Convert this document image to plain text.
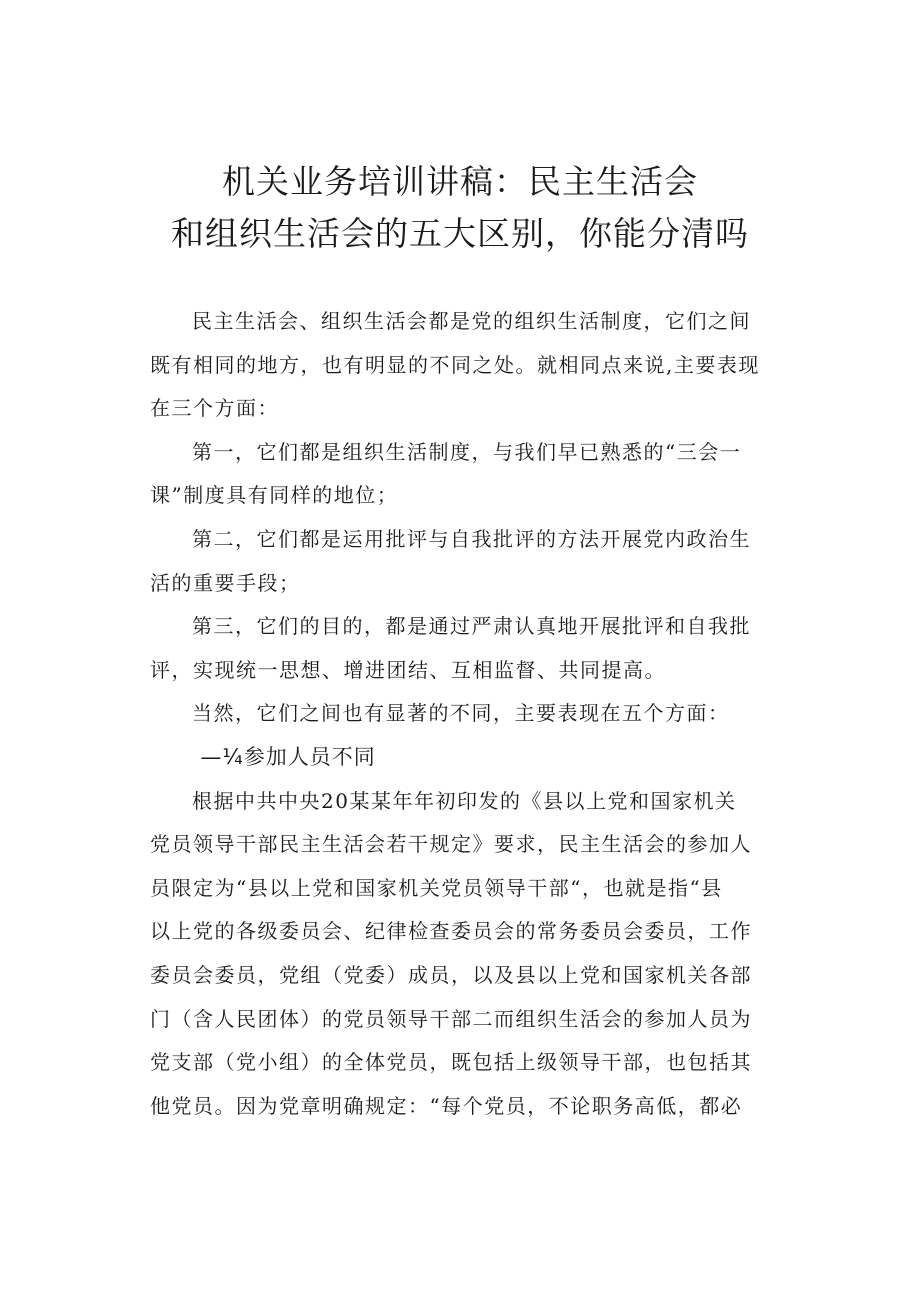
机关业务培训讲稿：民主生活会
和组织生活会的五大区别，你能分清吗

民主生活会、组织生活会都是党的组织生活制度，它们之间
既有相同的地方，也有明显的不同之处。就相同点来说,主要表现
在三个方面：

第一，它们都是组织生活制度，与我们早已熟悉的“三会一
课”制度具有同样的地位；

第二，它们都是运用批评与自我批评的方法开展党内政治生
活的重要手段；

第三，它们的目的，都是通过严肃认真地开展批评和自我批
评，实现统一思想、增进团结、互相监督、共同提高。

当然，它们之间也有显著的不同，主要表现在五个方面：

—¼参加人员不同

根据中共中央20某某年年初印发的《县以上党和国家机关
党员领导干部民主生活会若干规定》要求，民主生活会的参加人
员限定为“县以上党和国家机关党员领导干部“，也就是指“县
以上党的各级委员会、纪律检查委员会的常务委员会委员，工作
委员会委员，党组（党委）成员，以及县以上党和国家机关各部
门（含人民团体）的党员领导干部二而组织生活会的参加人员为
党支部（党小组）的全体党员，既包括上级领导干部，也包括其
他党员。因为党章明确规定：“每个党员，不论职务高低，都必
